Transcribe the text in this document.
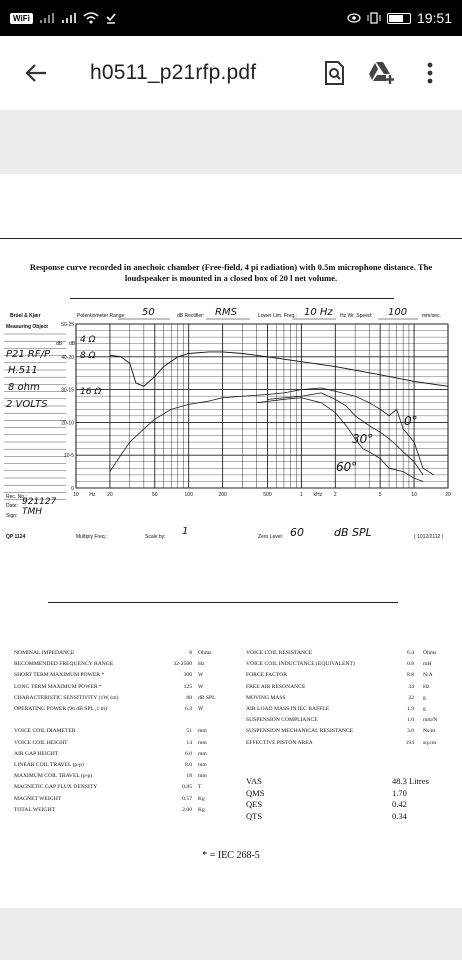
WiFi	19:51
h0511_p21rfp.pdf
Response curve recorded in anechoic chamber (Free-field, 4 pi radiation) with 0.5m microphone distance. The
loudspeaker is mounted in a closed box of 20 l net volume.
50-25
40-20
30-15
20-10
10-5
0
10 Hz 20	50	100	200	500	1 kHz 2	5	10	20
Brüel & Kjær
Measuring Object
Potentiometer Range: 50	dB Rectifier: RMS	Lower Lim. Freq.: 10 Hz Hz Wr. Speed: 100	mm/sec.
dB dB
P21 RF/P
H.511
8 ohm
2 VOLTS
4 Ω
8 Ω
16 Ω
0°
30°
60°
Rec. No.:
Date: 921127
Sign: TMH
QP 1124	Multiply Freq.:	Scale by: 1	Zero Level: 60	dB SPL	( 1012/2112 )
NOMINAL IMPEDANCE	8 Ohms
RECOMMENDED FREQUENCY RANGE	32-2500 Hz
SHORT TERM MAXIMUM POWER *	300 W
LONG TERM MAXIMUM POWER *	125 W
CHARACTERISTIC SENSITIVITY (1W,1m)	88 dB SPL
OPERATING POWER (96 dB SPL ,1 m)	6.3 W
VOICE COIL DIAMETER	51 mm
VOICE COIL HEIGHT	14 mm
AIR GAP HEIGHT	6.0 mm
LINEAR COIL TRAVEL (p-p)	8.0 mm
MAXIMUM COIL TRAVEL (p-p)	18 mm
MAGNETIC GAP FLUX DENSITY	0.85 T
MAGNET WEIGHT	0.57 Kg
TOTAL WEIGHT	2.00 Kg
VOICE COIL RESISTANCE	6.4 Ohms
VOICE COIL INDUCTANCE (EQUIVALENT)	0.8 mH
FORCE FACTOR	8.8 N/A
FREE AIR RESONANCE	34 Hz
MOVING MASS	22 g
AIR LOAD MASS IN IEC BAFFLE	1.9 g
SUSPENSION COMPLIANCE	1.0 mm/N
SUSPENSION MECHANICAL RESISTANCE	3.0 Ns/m
EFFECTIVE PISTON AREA	194 sq.cm
VAS	48.3 Litres
QMS	1.70
QES	0.42
QTS	0.34
* = IEC 268-5
